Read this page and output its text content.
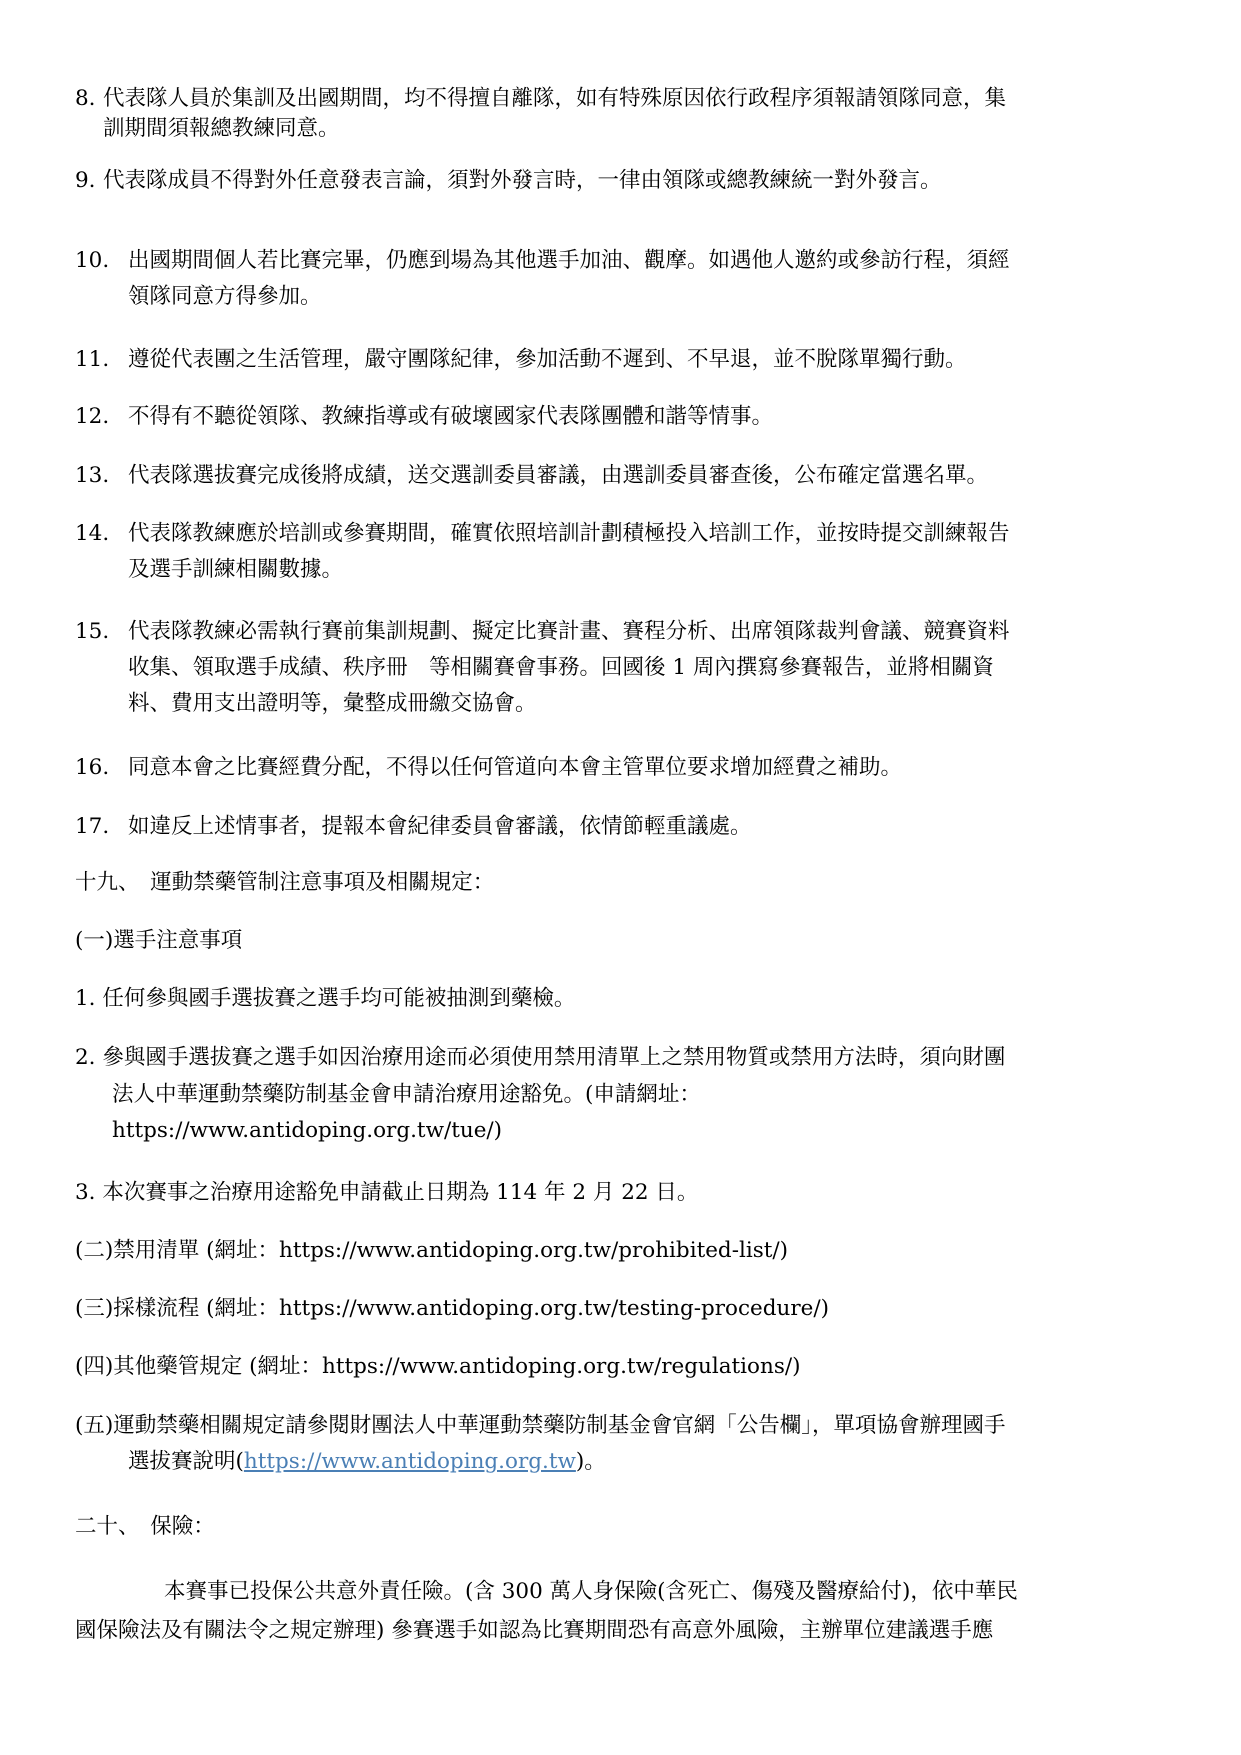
8. 代表隊人員於集訓及出國期間，均不得擅自離隊，如有特殊原因依行政程序須報請領隊同意，集
訓期間須報總教練同意。
9. 代表隊成員不得對外任意發表言論，須對外發言時，一律由領隊或總教練統一對外發言。
10. 出國期間個人若比賽完畢，仍應到場為其他選手加油、觀摩。如遇他人邀約或參訪行程，須經
領隊同意方得參加。
11. 遵從代表團之生活管理，嚴守團隊紀律，參加活動不遲到、不早退，並不脫隊單獨行動。
12. 不得有不聽從領隊、教練指導或有破壞國家代表隊團體和諧等情事。
13. 代表隊選拔賽完成後將成績，送交選訓委員審議，由選訓委員審查後，公布確定當選名單。
14. 代表隊教練應於培訓或參賽期間，確實依照培訓計劃積極投入培訓工作，並按時提交訓練報告
及選手訓練相關數據。
15. 代表隊教練必需執行賽前集訓規劃、擬定比賽計畫、賽程分析、出席領隊裁判會議、競賽資料
收集、領取選手成績、秩序冊　等相關賽會事務。回國後 1 周內撰寫參賽報告，並將相關資
料、費用支出證明等，彙整成冊繳交協會。
16. 同意本會之比賽經費分配，不得以任何管道向本會主管單位要求增加經費之補助。
17. 如違反上述情事者，提報本會紀律委員會審議，依情節輕重議處。
十九、　運動禁藥管制注意事項及相關規定：
(一)選手注意事項
1. 任何參與國手選拔賽之選手均可能被抽測到藥檢。
2. 參與國手選拔賽之選手如因治療用途而必須使用禁用清單上之禁用物質或禁用方法時，須向財團
法人中華運動禁藥防制基金會申請治療用途豁免。(申請網址：
https://www.antidoping.org.tw/tue/)
3. 本次賽事之治療用途豁免申請截止日期為 114 年 2 月 22 日。
(二)禁用清單 (網址：https://www.antidoping.org.tw/prohibited-list/)
(三)採樣流程 (網址：https://www.antidoping.org.tw/testing-procedure/)
(四)其他藥管規定 (網址：https://www.antidoping.org.tw/regulations/)
(五)運動禁藥相關規定請參閱財團法人中華運動禁藥防制基金會官網「公告欄」，單項協會辦理國手
選拔賽說明(https://www.antidoping.org.tw)。
二十、　保險：
本賽事已投保公共意外責任險。(含 300 萬人身保險(含死亡、傷殘及醫療給付)，依中華民
國保險法及有關法令之規定辦理) 參賽選手如認為比賽期間恐有高意外風險，主辦單位建議選手應
